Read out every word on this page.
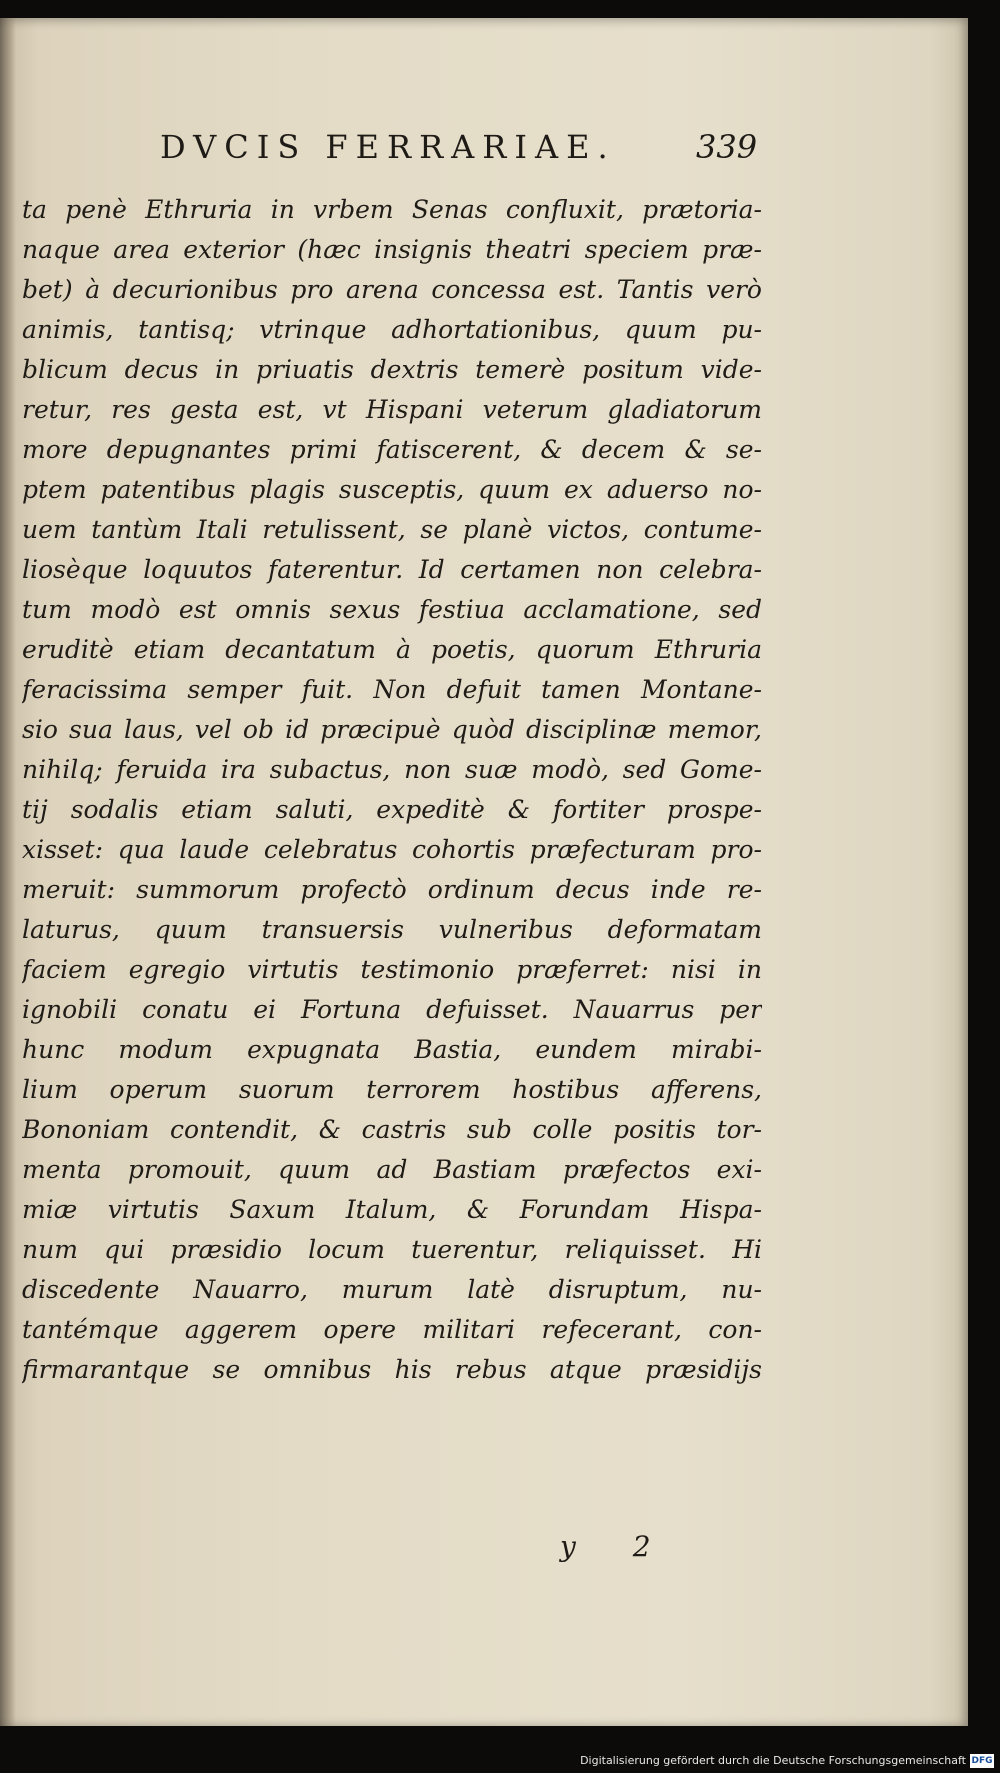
DVCIS FERRARIAE.	339
ta penè Ethruria in vrbem Senas confluxit, prætoria-
naque area exterior (hæc insignis theatri speciem præ-
bet) à decurionibus pro arena concessa est. Tantis verò
animis, tantisq; vtrinque adhortationibus, quum pu-
blicum decus in priuatis dextris temerè positum vide-
retur, res gesta est, vt Hispani veterum gladiatorum
more depugnantes primi fatiscerent, & decem & se-
ptem patentibus plagis susceptis, quum ex aduerso no-
uem tantùm Itali retulissent, se planè victos, contume-
liosèque loquutos faterentur. Id certamen non celebra-
tum modò est omnis sexus festiua acclamatione, sed
eruditè etiam decantatum à poetis, quorum Ethruria
feracissima semper fuit. Non defuit tamen Montane-
sio sua laus, vel ob id præcipuè quòd disciplinæ memor,
nihilq; feruida ira subactus, non suæ modò, sed Gome-
tij sodalis etiam saluti, expeditè & fortiter prospe-
xisset: qua laude celebratus cohortis præfecturam pro-
meruit: summorum profectò ordinum decus inde re-
laturus, quum transuersis vulneribus deformatam
faciem egregio virtutis testimonio præferret: nisi in
ignobili conatu ei Fortuna defuisset. Nauarrus per
hunc modum expugnata Bastia, eundem mirabi-
lium operum suorum terrorem hostibus afferens,
Bononiam contendit, & castris sub colle positis tor-
menta promouit, quum ad Bastiam præfectos exi-
miæ virtutis Saxum Italum, & Forundam Hispa-
num qui præsidio locum tuerentur, reliquisset. Hi
discedente Nauarro, murum latè disruptum, nu-
tantémque aggerem opere militari refecerant, con-
firmarantque se omnibus his rebus atque præsidijs
y 2
Digitalisierung gefördert durch die Deutsche Forschungsgemeinschaft DFG
